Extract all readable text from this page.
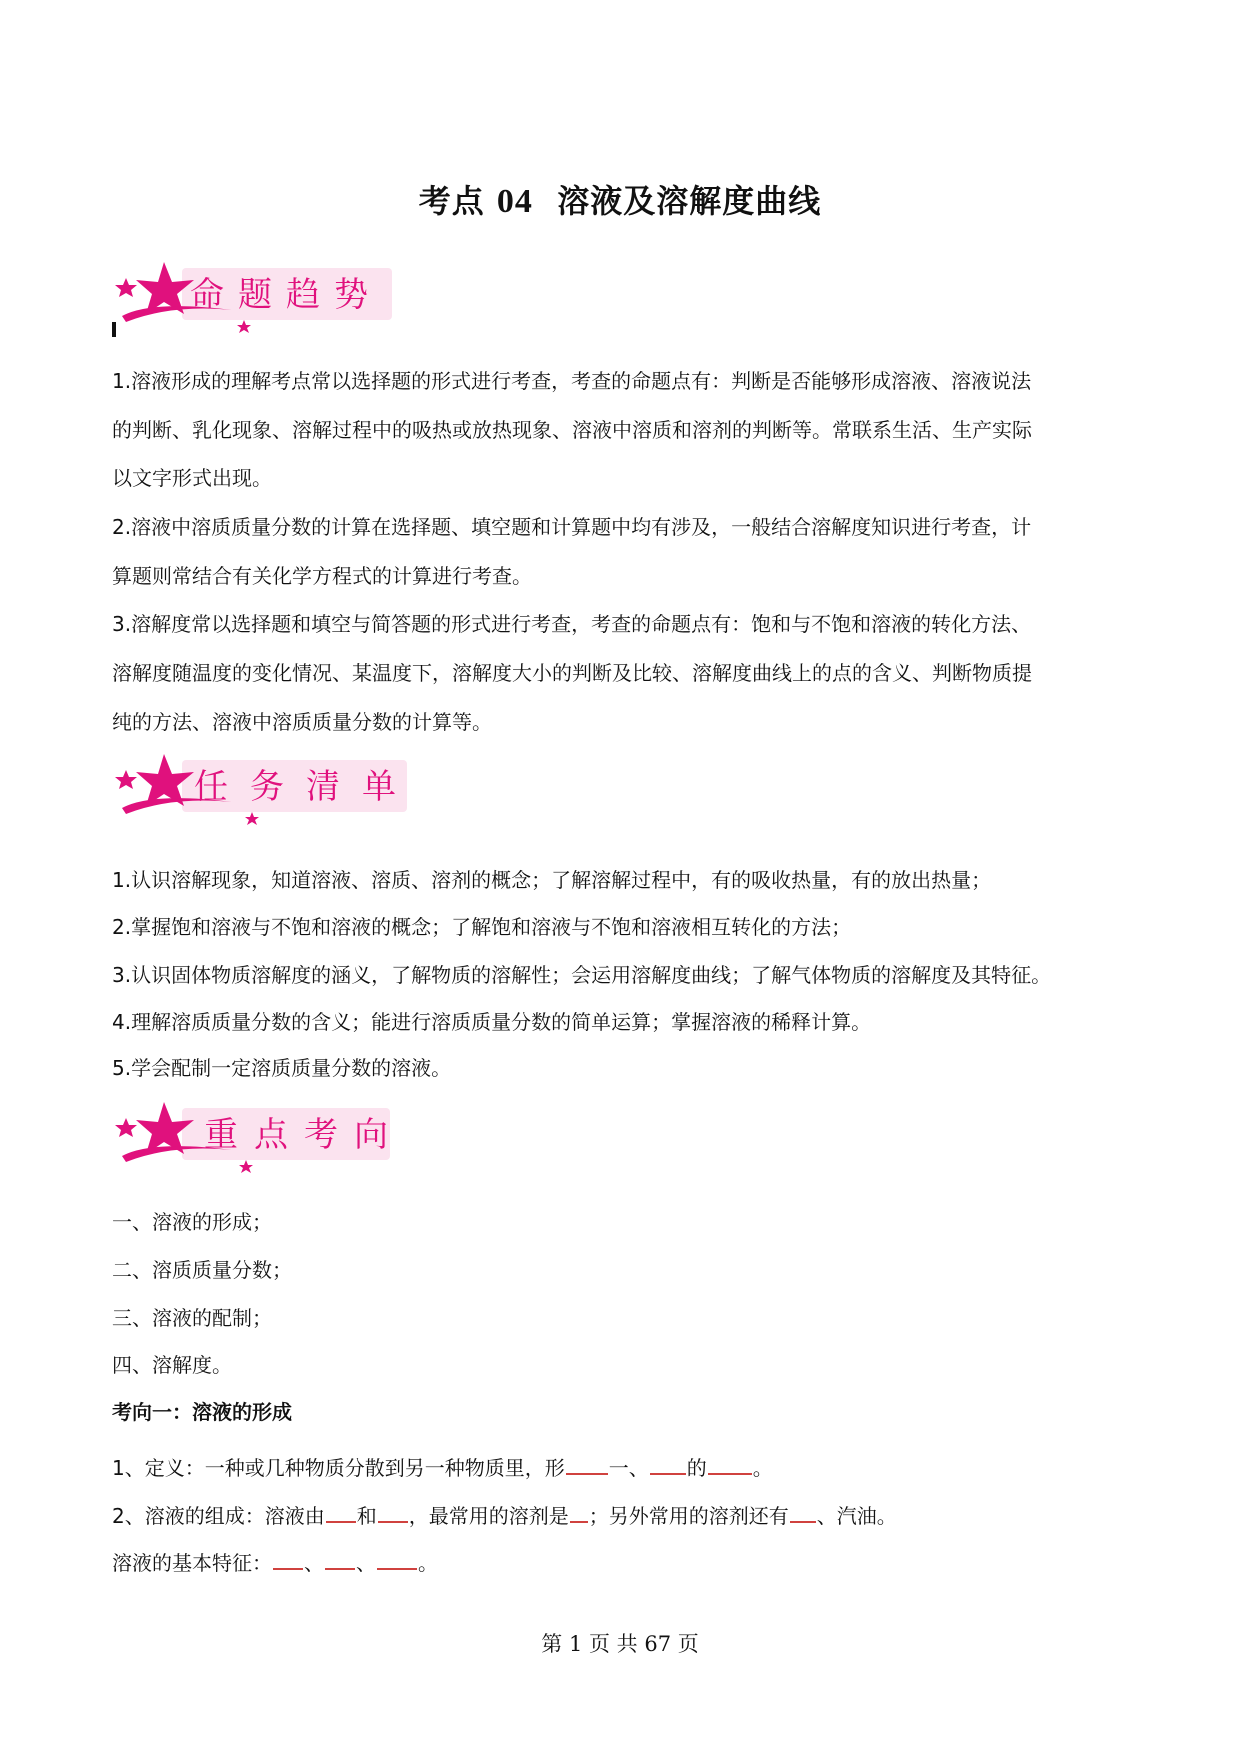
考点 04 溶液及溶解度曲线
命题趋势
1.溶液形成的理解考点常以选择题的形式进行考查，考查的命题点有：判断是否能够形成溶液、溶液说法
的判断、乳化现象、溶解过程中的吸热或放热现象、溶液中溶质和溶剂的判断等。常联系生活、生产实际
以文字形式出现。
2.溶液中溶质质量分数的计算在选择题、填空题和计算题中均有涉及，一般结合溶解度知识进行考查，计
算题则常结合有关化学方程式的计算进行考查。
3.溶解度常以选择题和填空与简答题的形式进行考查，考查的命题点有：饱和与不饱和溶液的转化方法、
溶解度随温度的变化情况、某温度下，溶解度大小的判断及比较、溶解度曲线上的点的含义、判断物质提
纯的方法、溶液中溶质质量分数的计算等。
任务清单
1.认识溶解现象，知道溶液、溶质、溶剂的概念；了解溶解过程中，有的吸收热量，有的放出热量；
2.掌握饱和溶液与不饱和溶液的概念；了解饱和溶液与不饱和溶液相互转化的方法；
3.认识固体物质溶解度的涵义，了解物质的溶解性；会运用溶解度曲线；了解气体物质的溶解度及其特征。
4.理解溶质质量分数的含义；能进行溶质质量分数的简单运算；掌握溶液的稀释计算。
5.学会配制一定溶质质量分数的溶液。
重点考向
一、溶液的形成；
二、溶质质量分数；
三、溶液的配制；
四、溶解度。
考向一：溶液的形成
1、定义：一种或几种物质分散到另一种物质里，形 一、 的 。
2、溶液的组成：溶液由 和 ，最常用的溶剂是 ；另外常用的溶剂还有 、汽油。
溶液的基本特征： 、 、 。
第 1 页 共 67 页
